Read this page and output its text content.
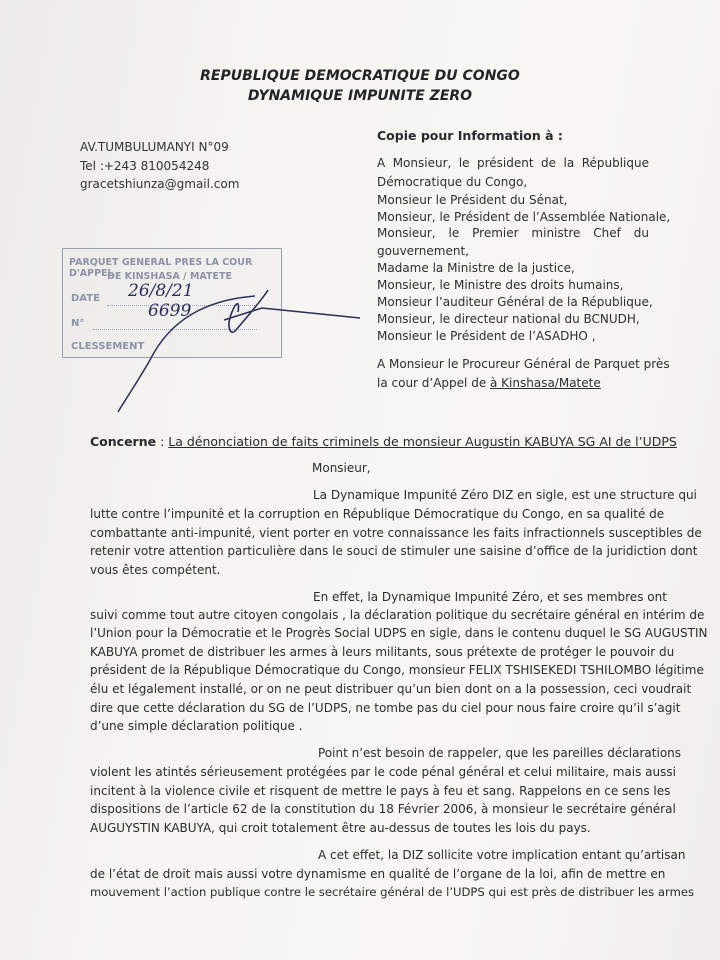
REPUBLIQUE DEMOCRATIQUE DU CONGO
DYNAMIQUE IMPUNITE ZERO
AV.TUMBULUMANYI N°09
Tel :+243 810054248
gracetshiunza@gmail.com
Copie pour Information à :
A Monsieur, le président de la République
Démocratique du Congo,
Monsieur le Président du Sénat,
Monsieur, le Président de l’Assemblée Nationale,
Monsieur, le Premier ministre Chef du
gouvernement,
Madame la Ministre de la justice,
Monsieur, le Ministre des droits humains,
Monsieur l’auditeur Général de la République,
Monsieur, le directeur national du BCNUDH,
Monsieur le Président de l’ASADHO ,
A Monsieur le Procureur Général de Parquet près
la cour d’Appel de à Kinshasa/Matete
PARQUET GENERAL PRES LA COUR D'APPEL
DE KINSHASA / MATETE
DATE
N°
CLESSEMENT
26/8/21
6699
Concerne : La dénonciation de faits criminels de monsieur Augustin KABUYA SG AI de l’UDPS
Monsieur,
La Dynamique Impunité Zéro DIZ en sigle, est une structure qui
lutte contre l’impunité et la corruption en République Démocratique du Congo, en sa qualité de
combattante anti-impunité, vient porter en votre connaissance les faits infractionnels susceptibles de
retenir votre attention particulière dans le souci de stimuler une saisine d’office de la juridiction dont
vous êtes compétent.
En effet, la Dynamique Impunité Zéro, et ses membres ont
suivi comme tout autre citoyen congolais , la déclaration politique du secrétaire général en intérim de
l’Union pour la Démocratie et le Progrès Social UDPS en sigle, dans le contenu duquel le SG AUGUSTIN
KABUYA promet de distribuer les armes à leurs militants, sous prétexte de protéger le pouvoir du
président de la République Démocratique du Congo, monsieur FELIX TSHISEKEDI TSHILOMBO légitime
élu et légalement installé, or on ne peut distribuer qu’un bien dont on a la possession, ceci voudrait
dire que cette déclaration du SG de l’UDPS, ne tombe pas du ciel pour nous faire croire qu’il s’agit
d’une simple déclaration politique .
Point n’est besoin de rappeler, que les pareilles déclarations
violent les atintés sérieusement protégées par le code pénal général et celui militaire, mais aussi
incitent à la violence civile et risquent de mettre le pays à feu et sang. Rappelons en ce sens les
dispositions de l’article 62 de la constitution du 18 Février 2006, à monsieur le secrétaire général
AUGUYSTIN KABUYA, qui croit totalement être au-dessus de toutes les lois du pays.
A cet effet, la DIZ sollicite votre implication entant qu’artisan
de l’état de droit mais aussi votre dynamisme en qualité de l’organe de la loi, afin de mettre en
mouvement l’action publique contre le secrétaire général de l’UDPS qui est près de distribuer les armes
